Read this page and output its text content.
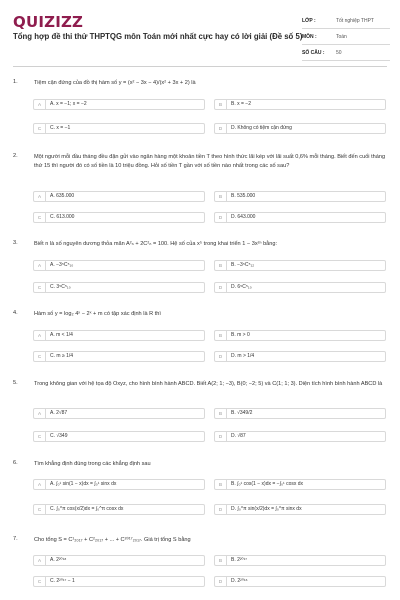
QUIZIZZ
Tổng hợp đề thi thử THPTQG môn Toán mới nhất cực hay có lời giải (Đề số 5)
LỚP :	Tốt nghiệp THPT
MÔN :	Toán
SỐ CÂU :	50
1.	Tiệm cận đứng của đồ thị hàm số y = (x² − 3x − 4)/(x² + 3x + 2) là
A	A. x = −1; x = −2	B	B. x = −2
C	C. x = −1	D	D. Không có tiệm cận đứng
2.	Một người mỗi đầu tháng đều đặn gửi vào ngân hàng một khoản tiền T theo hình thức lãi kép với lãi suất 0,6% mỗi tháng. Biết đến cuối tháng thứ 15 thì người đó có số tiền là 10 triệu đồng. Hỏi số tiền T gần với số tiền nào nhất trong các số sau?
A	A. 635.000	B	B. 535.000
C	C. 613.000	D	D. 643.000
3.	Biết n là số nguyên dương thỏa mãn A²ₙ + 2C²ₙ = 100. Hệ số của x⁵ trong khai triển 1 − 3x²ⁿ bằng:
A	A. −3⁵C⁵₁₀	B	B. −3⁵C⁵₁₂
C	C. 3⁵C⁵₁₀	D	D. 6⁵C⁵₁₀
4.	Hàm số y = log₂ 4ˣ − 2ˣ + m có tập xác định là R thì
A	A. m < 1/4	B	B. m > 0
C	C. m ≥ 1/4	D	D. m > 1/4
5.	Trong không gian với hệ tọa độ Oxyz, cho hình bình hành ABCD. Biết A(2; 1; −3), B(0; −2; 5) và C(1; 1; 3). Diện tích hình bình hành ABCD là
A	A. 2√87	B	B. √349/2
C	C. √349	D	D. √87
6.	Tìm khẳng định đúng trong các khẳng định sau
A	A. ∫₀¹ sin(1 − x)dx = ∫₀¹ sinx dx	B	B. ∫₀¹ cos(1 − x)dx = −∫₀¹ cosx dx
C	C. ∫₀^π cos(x/2)dx = ∫₀^π cosx dx	D	D. ∫₀^π sin(x/2)dx = ∫₀^π sinx dx
7.	Cho tổng S = C¹₂₀₁₇ + C²₂₀₁₇ + ... + C²⁰¹⁷₂₀₁₇. Giá trị tổng S bằng
A	A. 2²⁰¹⁸	B	B. 2²⁰¹⁷
C	C. 2²⁰¹⁷ − 1	D	D. 2²⁰¹⁶
